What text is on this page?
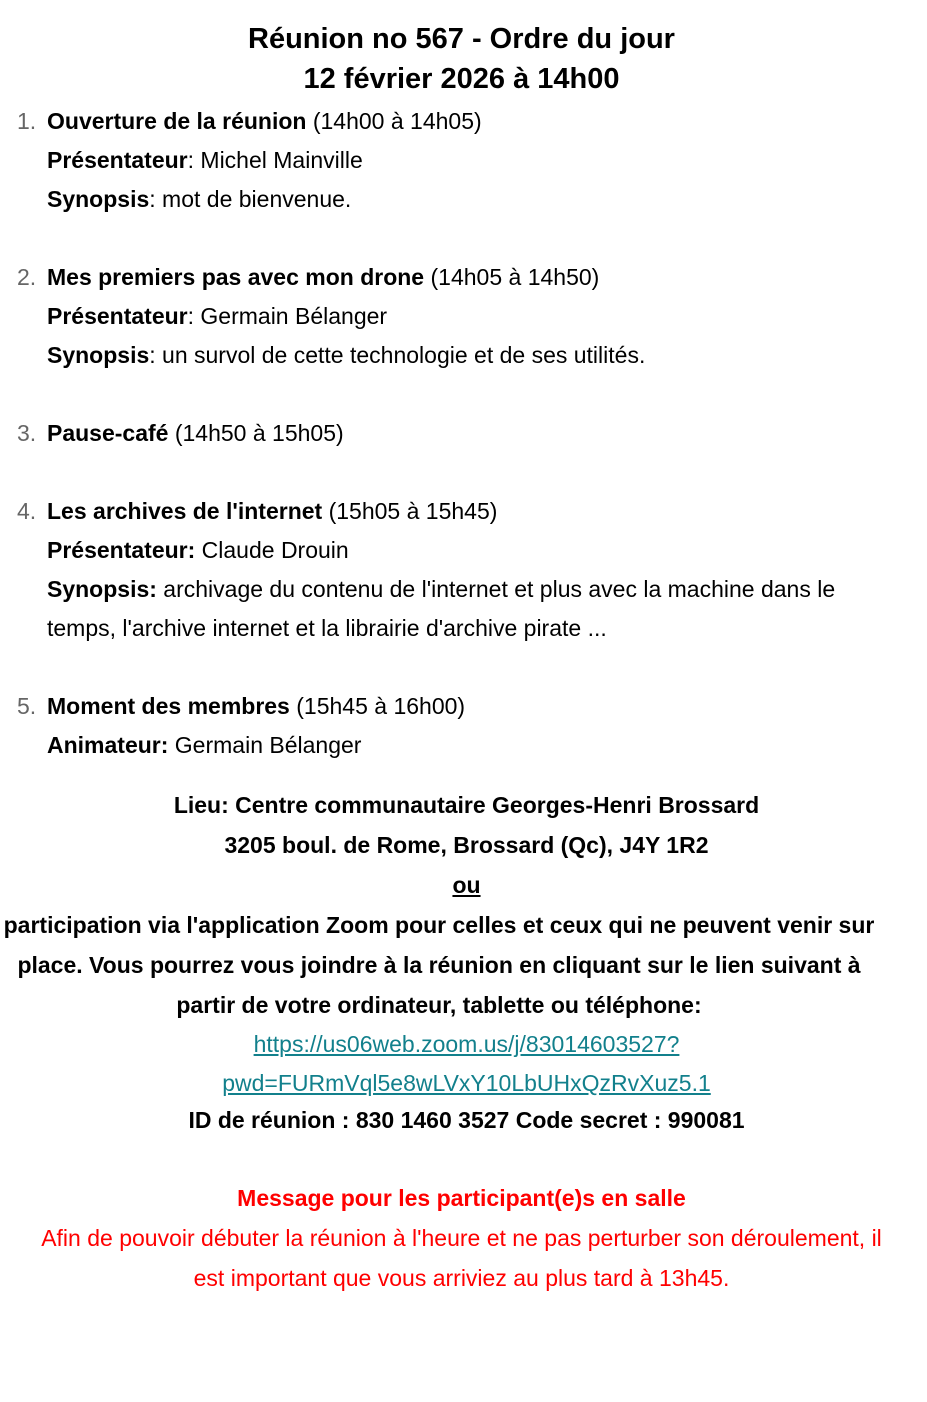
Réunion no 567 - Ordre du jour
12 février 2026 à 14h00
1. Ouverture de la réunion (14h00 à 14h05)
Présentateur: Michel Mainville
Synopsis: mot de bienvenue.
2. Mes premiers pas avec mon drone (14h05 à 14h50)
Présentateur: Germain Bélanger
Synopsis: un survol de cette technologie et de ses utilités.
3. Pause-café (14h50 à 15h05)
4. Les archives de l'internet (15h05 à 15h45)
Présentateur: Claude Drouin
Synopsis: archivage du contenu de l'internet et plus avec la machine dans le temps, l'archive internet et la librairie d'archive pirate ...
5. Moment des membres (15h45 à 16h00)
Animateur: Germain Bélanger
Lieu: Centre communautaire Georges-Henri Brossard
3205 boul. de Rome, Brossard (Qc), J4Y 1R2
ou
participation via l'application Zoom pour celles et ceux qui ne peuvent venir sur place. Vous pourrez vous joindre à la réunion en cliquant sur le lien suivant à partir de votre ordinateur, tablette ou téléphone:
https://us06web.zoom.us/j/83014603527?
pwd=FURmVql5e8wLVxY10LbUHxQzRvXuz5.1
ID de réunion : 830 1460 3527 Code secret : 990081
Message pour les participant(e)s en salle
Afin de pouvoir débuter la réunion à l'heure et ne pas perturber son déroulement, il est important que vous arriviez au plus tard à 13h45.
